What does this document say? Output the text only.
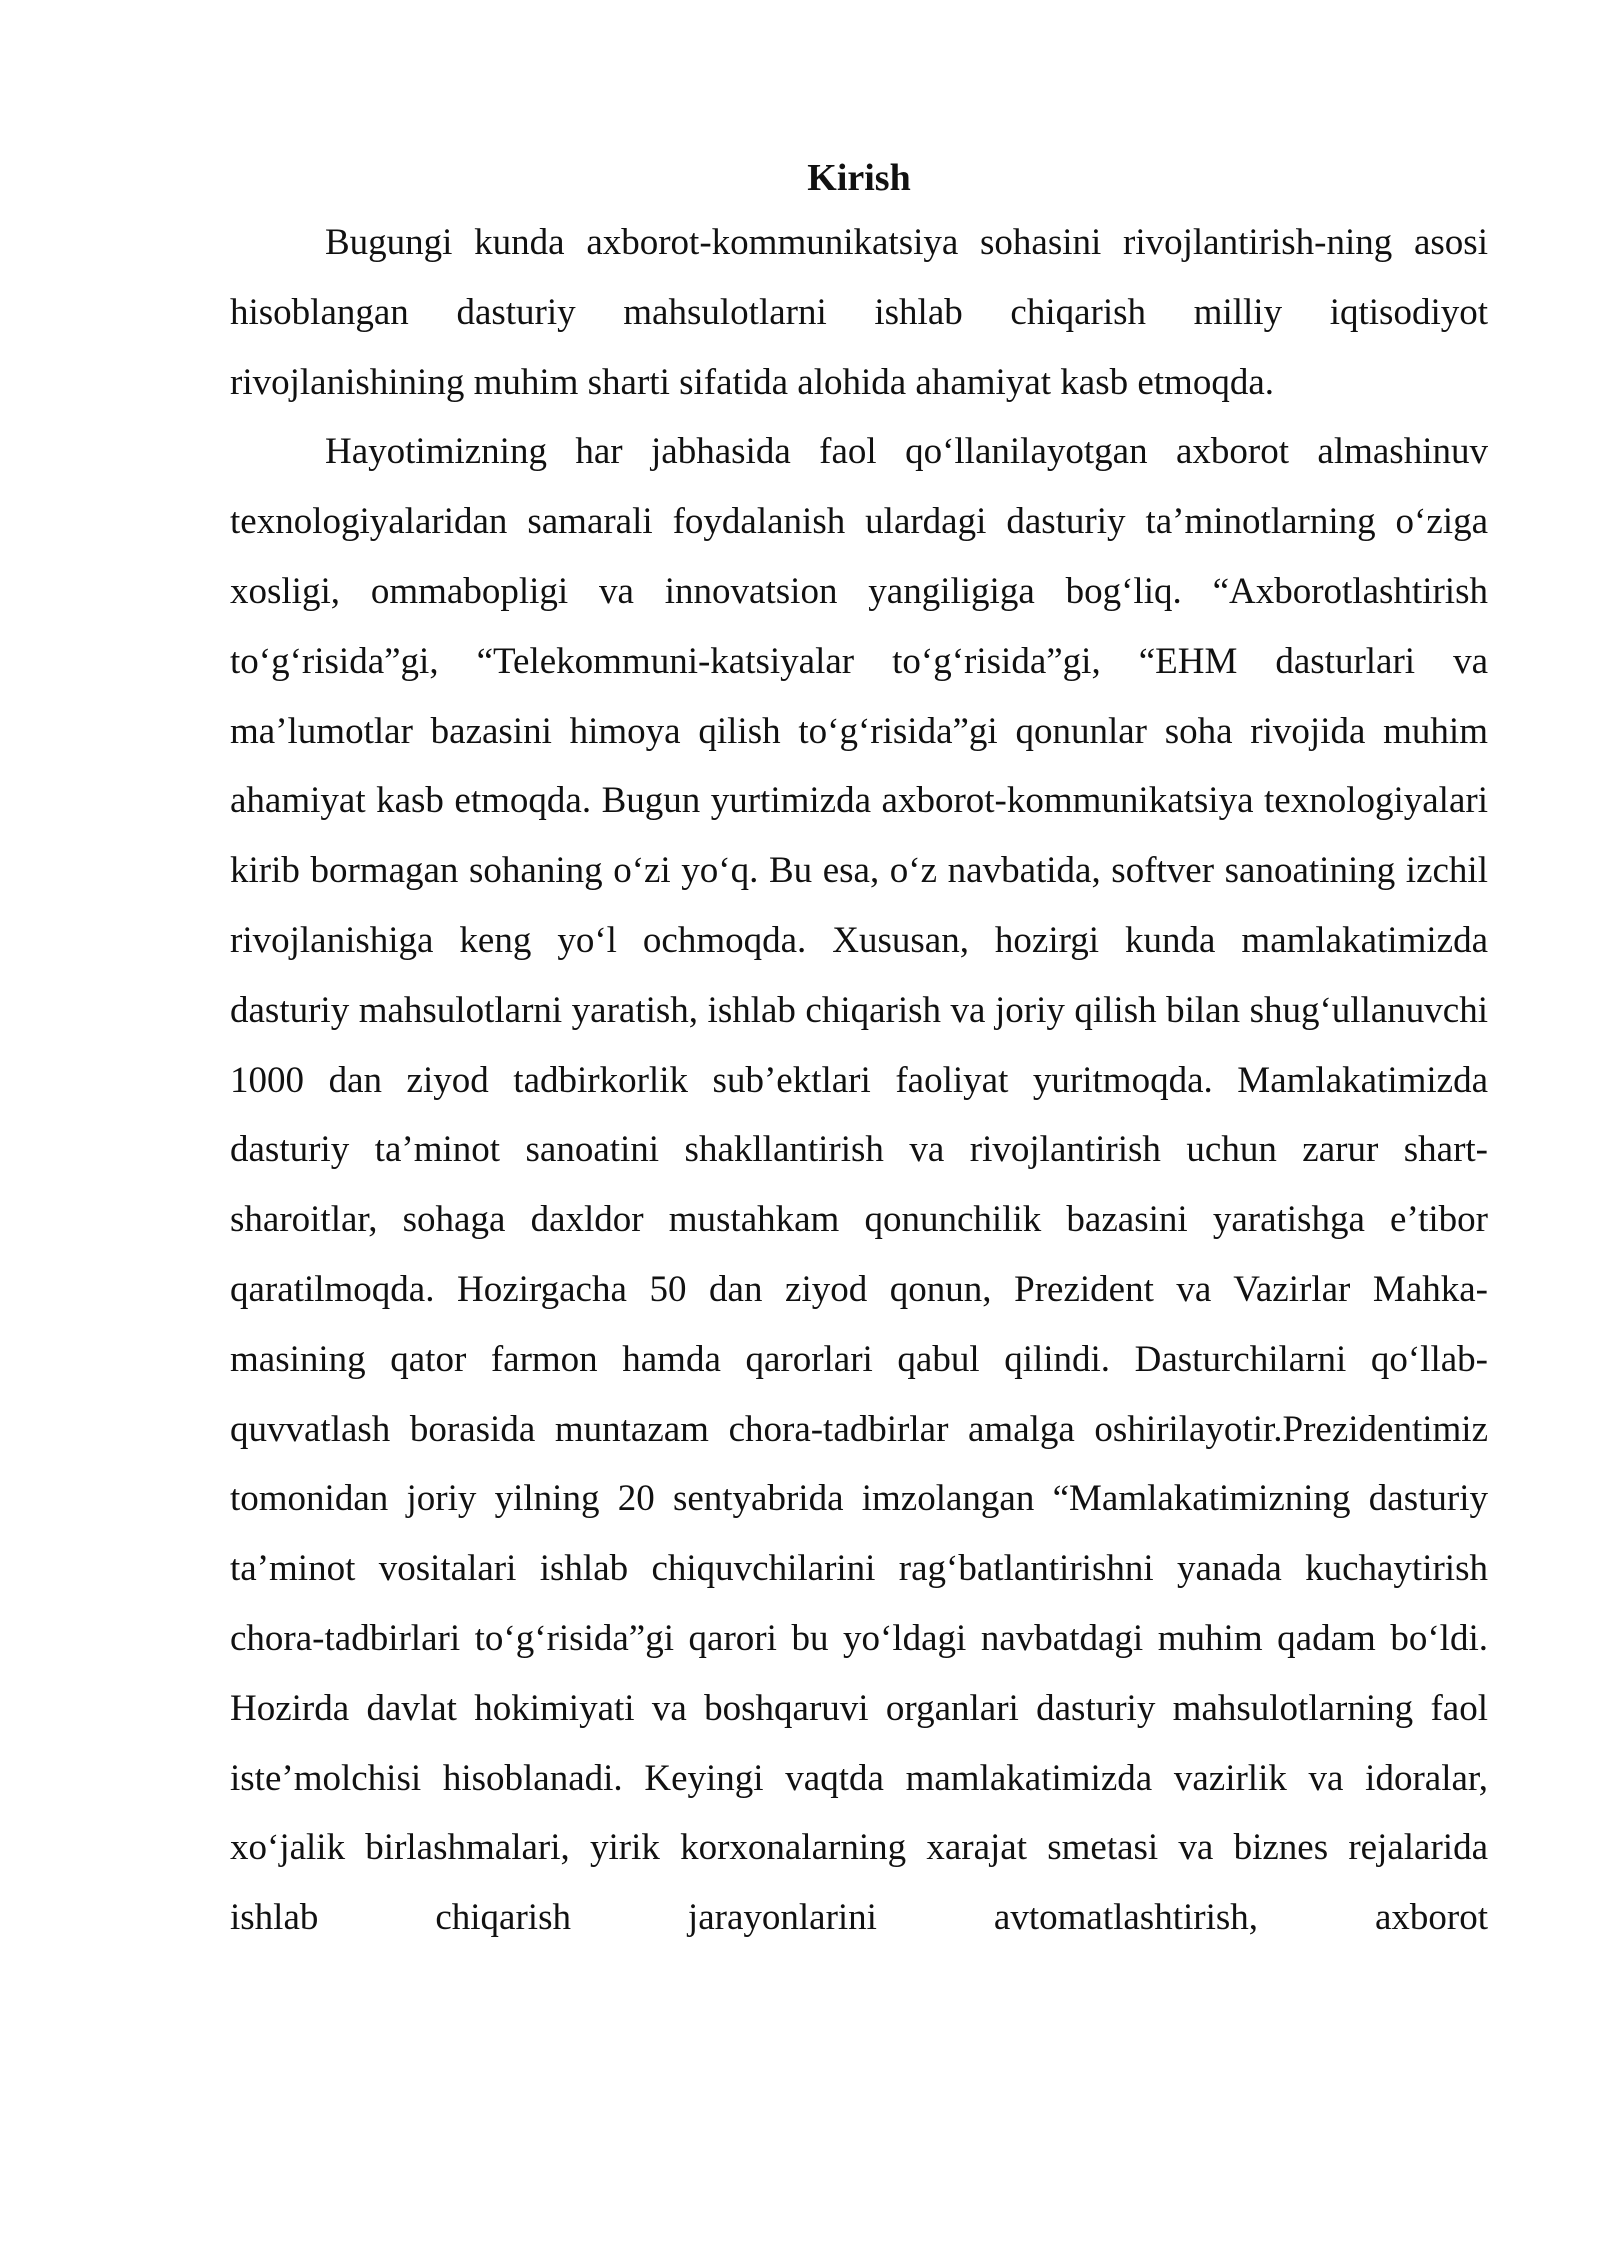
Kirish

Bugungi kunda axborot-kommunikatsiya sohasini rivojlantirish-ning asosi hisoblangan dasturiy mahsulotlarni ishlab chiqarish milliy iqtisodiyot rivojlanishining muhim sharti sifatida alohida ahamiyat kasb etmoqda.

Hayotimizning har jabhasida faol qo‘llanilayotgan axborot almashinuv texnologiyalaridan samarali foydalanish ulardagi dasturiy ta’minotlarning o‘ziga xosligi, ommabopligi va innovatsion yangiligiga bog‘liq. “Axborotlashtirish to‘g‘risida”gi, “Telekommuni-katsiyalar to‘g‘risida”gi, “EHM dasturlari va ma’lumotlar bazasini himoya qilish to‘g‘risida”gi qonunlar soha rivojida muhim ahamiyat kasb etmoqda. Bugun yurtimizda axborot-kommunikatsiya texnologiyalari kirib bormagan sohaning o‘zi yo‘q. Bu esa, o‘z navbatida, softver sanoatining izchil rivojlanishiga keng yo‘l ochmoqda. Xususan, hozirgi kunda mamlakatimizda dasturiy mahsulotlarni yaratish, ishlab chiqarish va joriy qilish bilan shug‘ullanuvchi 1000 dan ziyod tadbirkorlik sub’ektlari faoliyat yuritmoqda. Mamlakatimizda dasturiy ta’minot sanoatini shakllantirish va rivojlantirish uchun zarur shart-sharoitlar, sohaga daxldor mustahkam qonunchilik bazasini yaratishga e’tibor qaratilmoqda. Hozirgacha 50 dan ziyod qonun, Prezident va Vazirlar Mahka-masining qator farmon hamda qarorlari qabul qilindi. Dasturchilarni qo‘llab-quvvatlash borasida muntazam chora-tadbirlar amalga oshirilayotir.Prezidentimiz tomonidan joriy yilning 20 sentyabrida imzolangan “Mamlakatimizning dasturiy ta’minot vositalari ishlab chiquvchilarini rag‘batlantirishni yanada kuchaytirish chora-tadbirlari to‘g‘risida”gi qarori bu yo‘ldagi navbatdagi muhim qadam bo‘ldi. Hozirda davlat hokimiyati va boshqaruvi organlari dasturiy mahsulotlarning faol iste’molchisi hisoblanadi. Keyingi vaqtda mamlakatimizda vazirlik va idoralar, xo‘jalik birlashmalari, yirik korxonalarning xarajat smetasi va biznes rejalarida ishlab chiqarish jarayonlarini avtomatlashtirish, axborot
